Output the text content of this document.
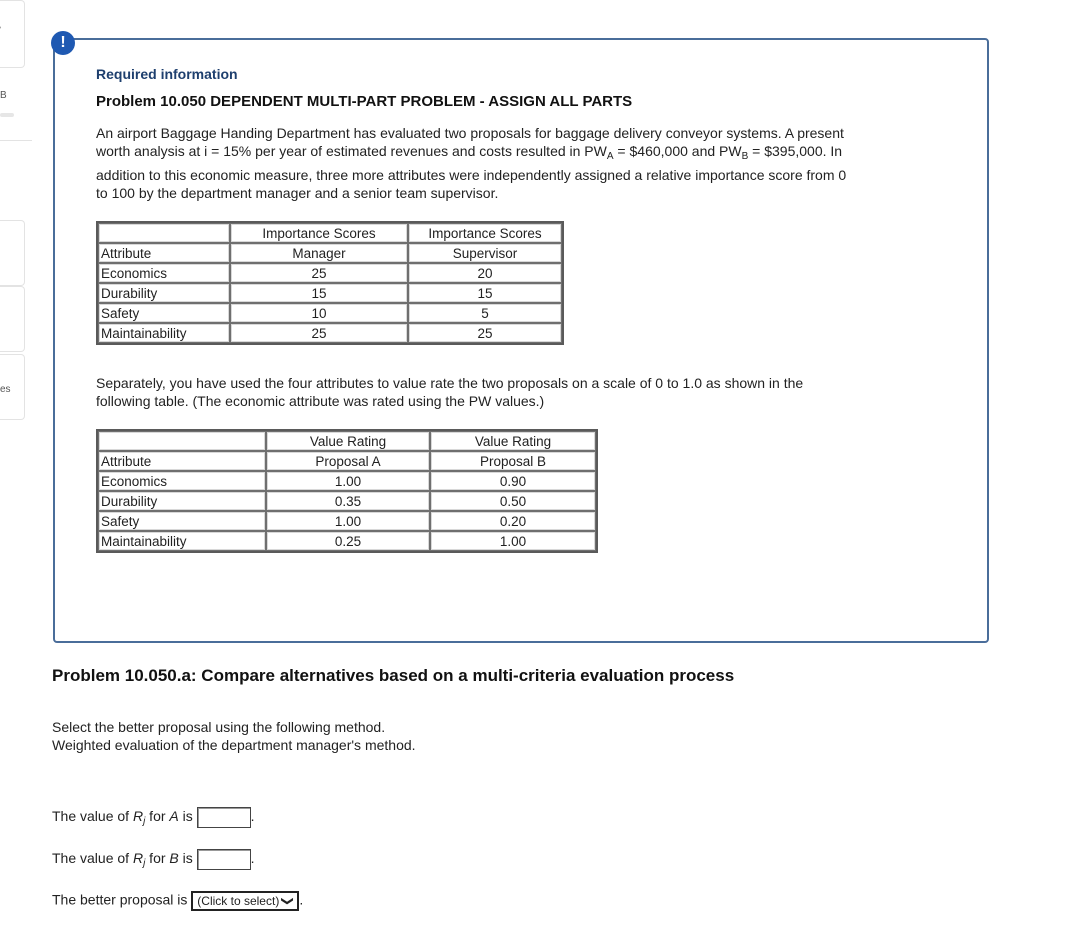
B
es
!
Required information
Problem 10.050 DEPENDENT MULTI-PART PROBLEM - ASSIGN ALL PARTS
An airport Baggage Handing Department has evaluated two proposals for baggage delivery conveyor systems. A present
worth analysis at i = 15% per year of estimated revenues and costs resulted in $PW_A$ = $460,000 and $PW_B$ = $395,000. In
addition to this economic measure, three more attributes were independently assigned a relative importance score from 0
to 100 by the department manager and a senior team supervisor.
	Importance Scores	Importance Scores
Attribute	Manager	Supervisor
Economics	25	20
Durability	15	15
Safety	10	5
Maintainability	25	25
Separately, you have used the four attributes to value rate the two proposals on a scale of 0 to 1.0 as shown in the
following table. (The economic attribute was rated using the PW values.)
	Value Rating	Value Rating
Attribute	Proposal A	Proposal B
Economics	1.00	0.90
Durability	0.35	0.50
Safety	1.00	0.20
Maintainability	0.25	1.00
Problem 10.050.a: Compare alternatives based on a multi-criteria evaluation process
Select the better proposal using the following method.
Weighted evaluation of the department manager's method.
The value of $R_j$ for A is	.
The value of $R_j$ for B is	.
The better proposal is (Click to select) ❯ .
